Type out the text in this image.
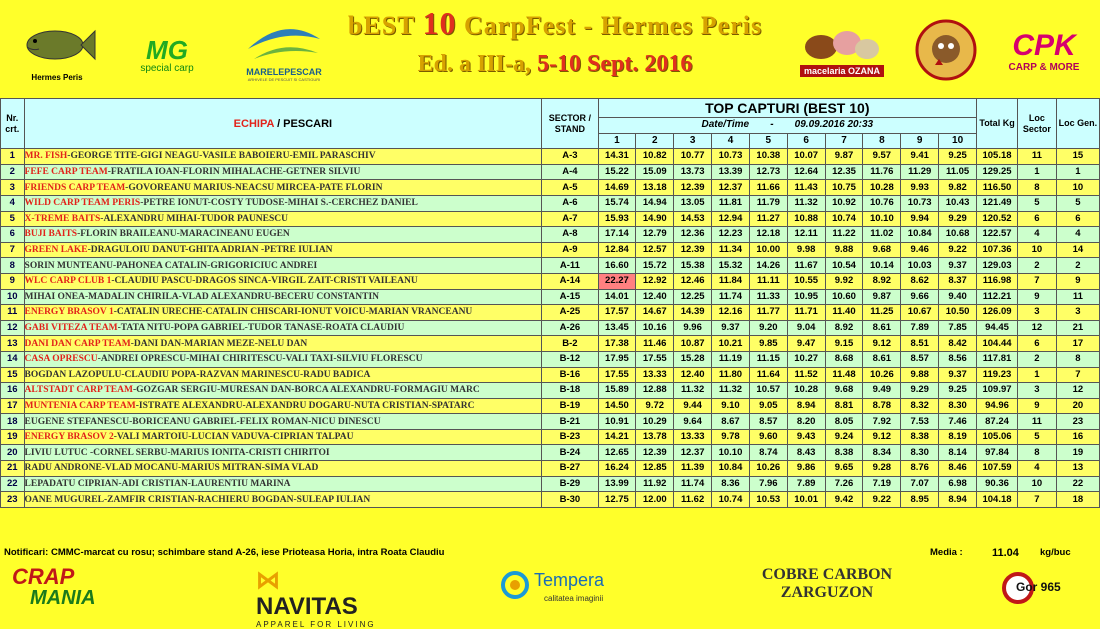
Hermes Peris
MG
special carp	MARELEPESCAR
ARHIVELE DE PESCUIT SI CASTIGURI
bEST 10 CarpFest - Hermes Peris
Ed. a III-a, 5-10 Sept. 2016	macelaria OZANA
CPK
CARP & MORE
Nr. crt.	ECHIPA / PESCARI	SECTOR / STAND	TOP CAPTURI (BEST 10)										Total Kg	Loc Sector	Loc Gen.
			Date/Time - 09.09.2016 20:33												
			1	2	3	4	5	6	7	8	9	10			
1	MR. FISH-GEORGE TITE-GIGI NEAGU-VASILE BABOIERU-EMIL PARASCHIV	A-3	14.31	10.82	10.77	10.73	10.38	10.07	9.87	9.57	9.41	9.25	105.18	11	15
2	FEFE CARP TEAM-FRATILA IOAN-FLORIN MIHALACHE-GETNER SILVIU	A-4	15.22	15.09	13.73	13.39	12.73	12.64	12.35	11.76	11.29	11.05	129.25	1	1
3	FRIENDS CARP TEAM-GOVOREANU MARIUS-NEACSU MIRCEA-PATE FLORIN	A-5	14.69	13.18	12.39	12.37	11.66	11.43	10.75	10.28	9.93	9.82	116.50	8	10
4	WILD CARP TEAM PERIS-PETRE IONUT-COSTY TUDOSE-MIHAI S.-CERCHEZ DANIEL	A-6	15.74	14.94	13.05	11.81	11.79	11.32	10.92	10.76	10.73	10.43	121.49	5	5
5	X-TREME BAITS-ALEXANDRU MIHAI-TUDOR PAUNESCU	A-7	15.93	14.90	14.53	12.94	11.27	10.88	10.74	10.10	9.94	9.29	120.52	6	6
6	BUJI BAITS-FLORIN BRAILEANU-MARACINEANU EUGEN	A-8	17.14	12.79	12.36	12.23	12.18	12.11	11.22	11.02	10.84	10.68	122.57	4	4
7	GREEN LAKE-DRAGULOIU DANUT-GHITA ADRIAN -PETRE IULIAN	A-9	12.84	12.57	12.39	11.34	10.00	9.98	9.88	9.68	9.46	9.22	107.36	10	14
8	SORIN MUNTEANU-PAHONEA CATALIN-GRIGORICIUC ANDREI	A-11	16.60	15.72	15.38	15.32	14.26	11.67	10.54	10.14	10.03	9.37	129.03	2	2
9	WLC CARP CLUB 1-CLAUDIU PASCU-DRAGOS SINCA-VIRGIL ZAIT-CRISTI VAILEANU	A-14	22.27	12.92	12.46	11.84	11.11	10.55	9.92	8.92	8.62	8.37	116.98	7	9
10	MIHAI ONEA-MADALIN CHIRILA-VLAD ALEXANDRU-BECERU CONSTANTIN	A-15	14.01	12.40	12.25	11.74	11.33	10.95	10.60	9.87	9.66	9.40	112.21	9	11
11	ENERGY BRASOV 1-CATALIN URECHE-CATALIN CHISCARI-IONUT VOICU-MARIAN VRANCEANU	A-25	17.57	14.67	14.39	12.16	11.77	11.71	11.40	11.25	10.67	10.50	126.09	3	3
12	GABI VITEZA TEAM-TATA NITU-POPA GABRIEL-TUDOR TANASE-ROATA CLAUDIU	A-26	13.45	10.16	9.96	9.37	9.20	9.04	8.92	8.61	7.89	7.85	94.45	12	21
13	DANI DAN CARP TEAM-DANI DAN-MARIAN MEZE-NELU DAN	B-2	17.38	11.46	10.87	10.21	9.85	9.47	9.15	9.12	8.51	8.42	104.44	6	17
14	CASA OPRESCU-ANDREI OPRESCU-MIHAI CHIRITESCU-VALI TAXI-SILVIU FLORESCU	B-12	17.95	17.55	15.28	11.19	11.15	10.27	8.68	8.61	8.57	8.56	117.81	2	8
15	BOGDAN LAZOPULU-CLAUDIU POPA-RAZVAN MARINESCU-RADU BADICA	B-16	17.55	13.33	12.40	11.80	11.64	11.52	11.48	10.26	9.88	9.37	119.23	1	7
16	ALTSTADT CARP TEAM-GOZGAR SERGIU-MURESAN DAN-BORCA ALEXANDRU-FORMAGIU MARC	B-18	15.89	12.88	11.32	11.32	10.57	10.28	9.68	9.49	9.29	9.25	109.97	3	12
17	MUNTENIA CARP TEAM-ISTRATE ALEXANDRU-ALEXANDRU DOGARU-NUTA CRISTIAN-SPATARC	B-19	14.50	9.72	9.44	9.10	9.05	8.94	8.81	8.78	8.32	8.30	94.96	9	20
18	EUGENE STEFANESCU-BORICEANU GABRIEL-FELIX ROMAN-NICU DINESCU	B-21	10.91	10.29	9.64	8.67	8.57	8.20	8.05	7.92	7.53	7.46	87.24	11	23
19	ENERGY BRASOV 2-VALI MARTOIU-LUCIAN VADUVA-CIPRIAN TALPAU	B-23	14.21	13.78	13.33	9.78	9.60	9.43	9.24	9.12	8.38	8.19	105.06	5	16
20	LIVIU LUTUC -CORNEL SERBU-MARIUS IONITA-CRISTI CHIRITOI	B-24	12.65	12.39	12.37	10.10	8.74	8.43	8.38	8.34	8.30	8.14	97.84	8	19
21	RADU ANDRONE-VLAD MOCANU-MARIUS MITRAN-SIMA VLAD	B-27	16.24	12.85	11.39	10.84	10.26	9.86	9.65	9.28	8.76	8.46	107.59	4	13
22	LEPADATU CIPRIAN-ADI CRISTIAN-LAURENTIU MARINA	B-29	13.99	11.92	11.74	8.36	7.96	7.89	7.26	7.19	7.07	6.98	90.36	10	22
23	OANE MUGUREL-ZAMFIR CRISTIAN-RACHIERU BOGDAN-SULEAP IULIAN	B-30	12.75	12.00	11.62	10.74	10.53	10.01	9.42	9.22	8.95	8.94	104.18	7	18
Notificari: CMMC-marcat cu rosu; schimbare stand A-26, iese Prioteasa Horia, intra Roata Claudiu	Media :	11.04 kg/buc
CRAP
MANIA
⋈ NAVITAS
APPAREL FOR LIVING
Tempera
calitatea imaginii
COBRE CARBON
ZARGUZON	Gor 965
